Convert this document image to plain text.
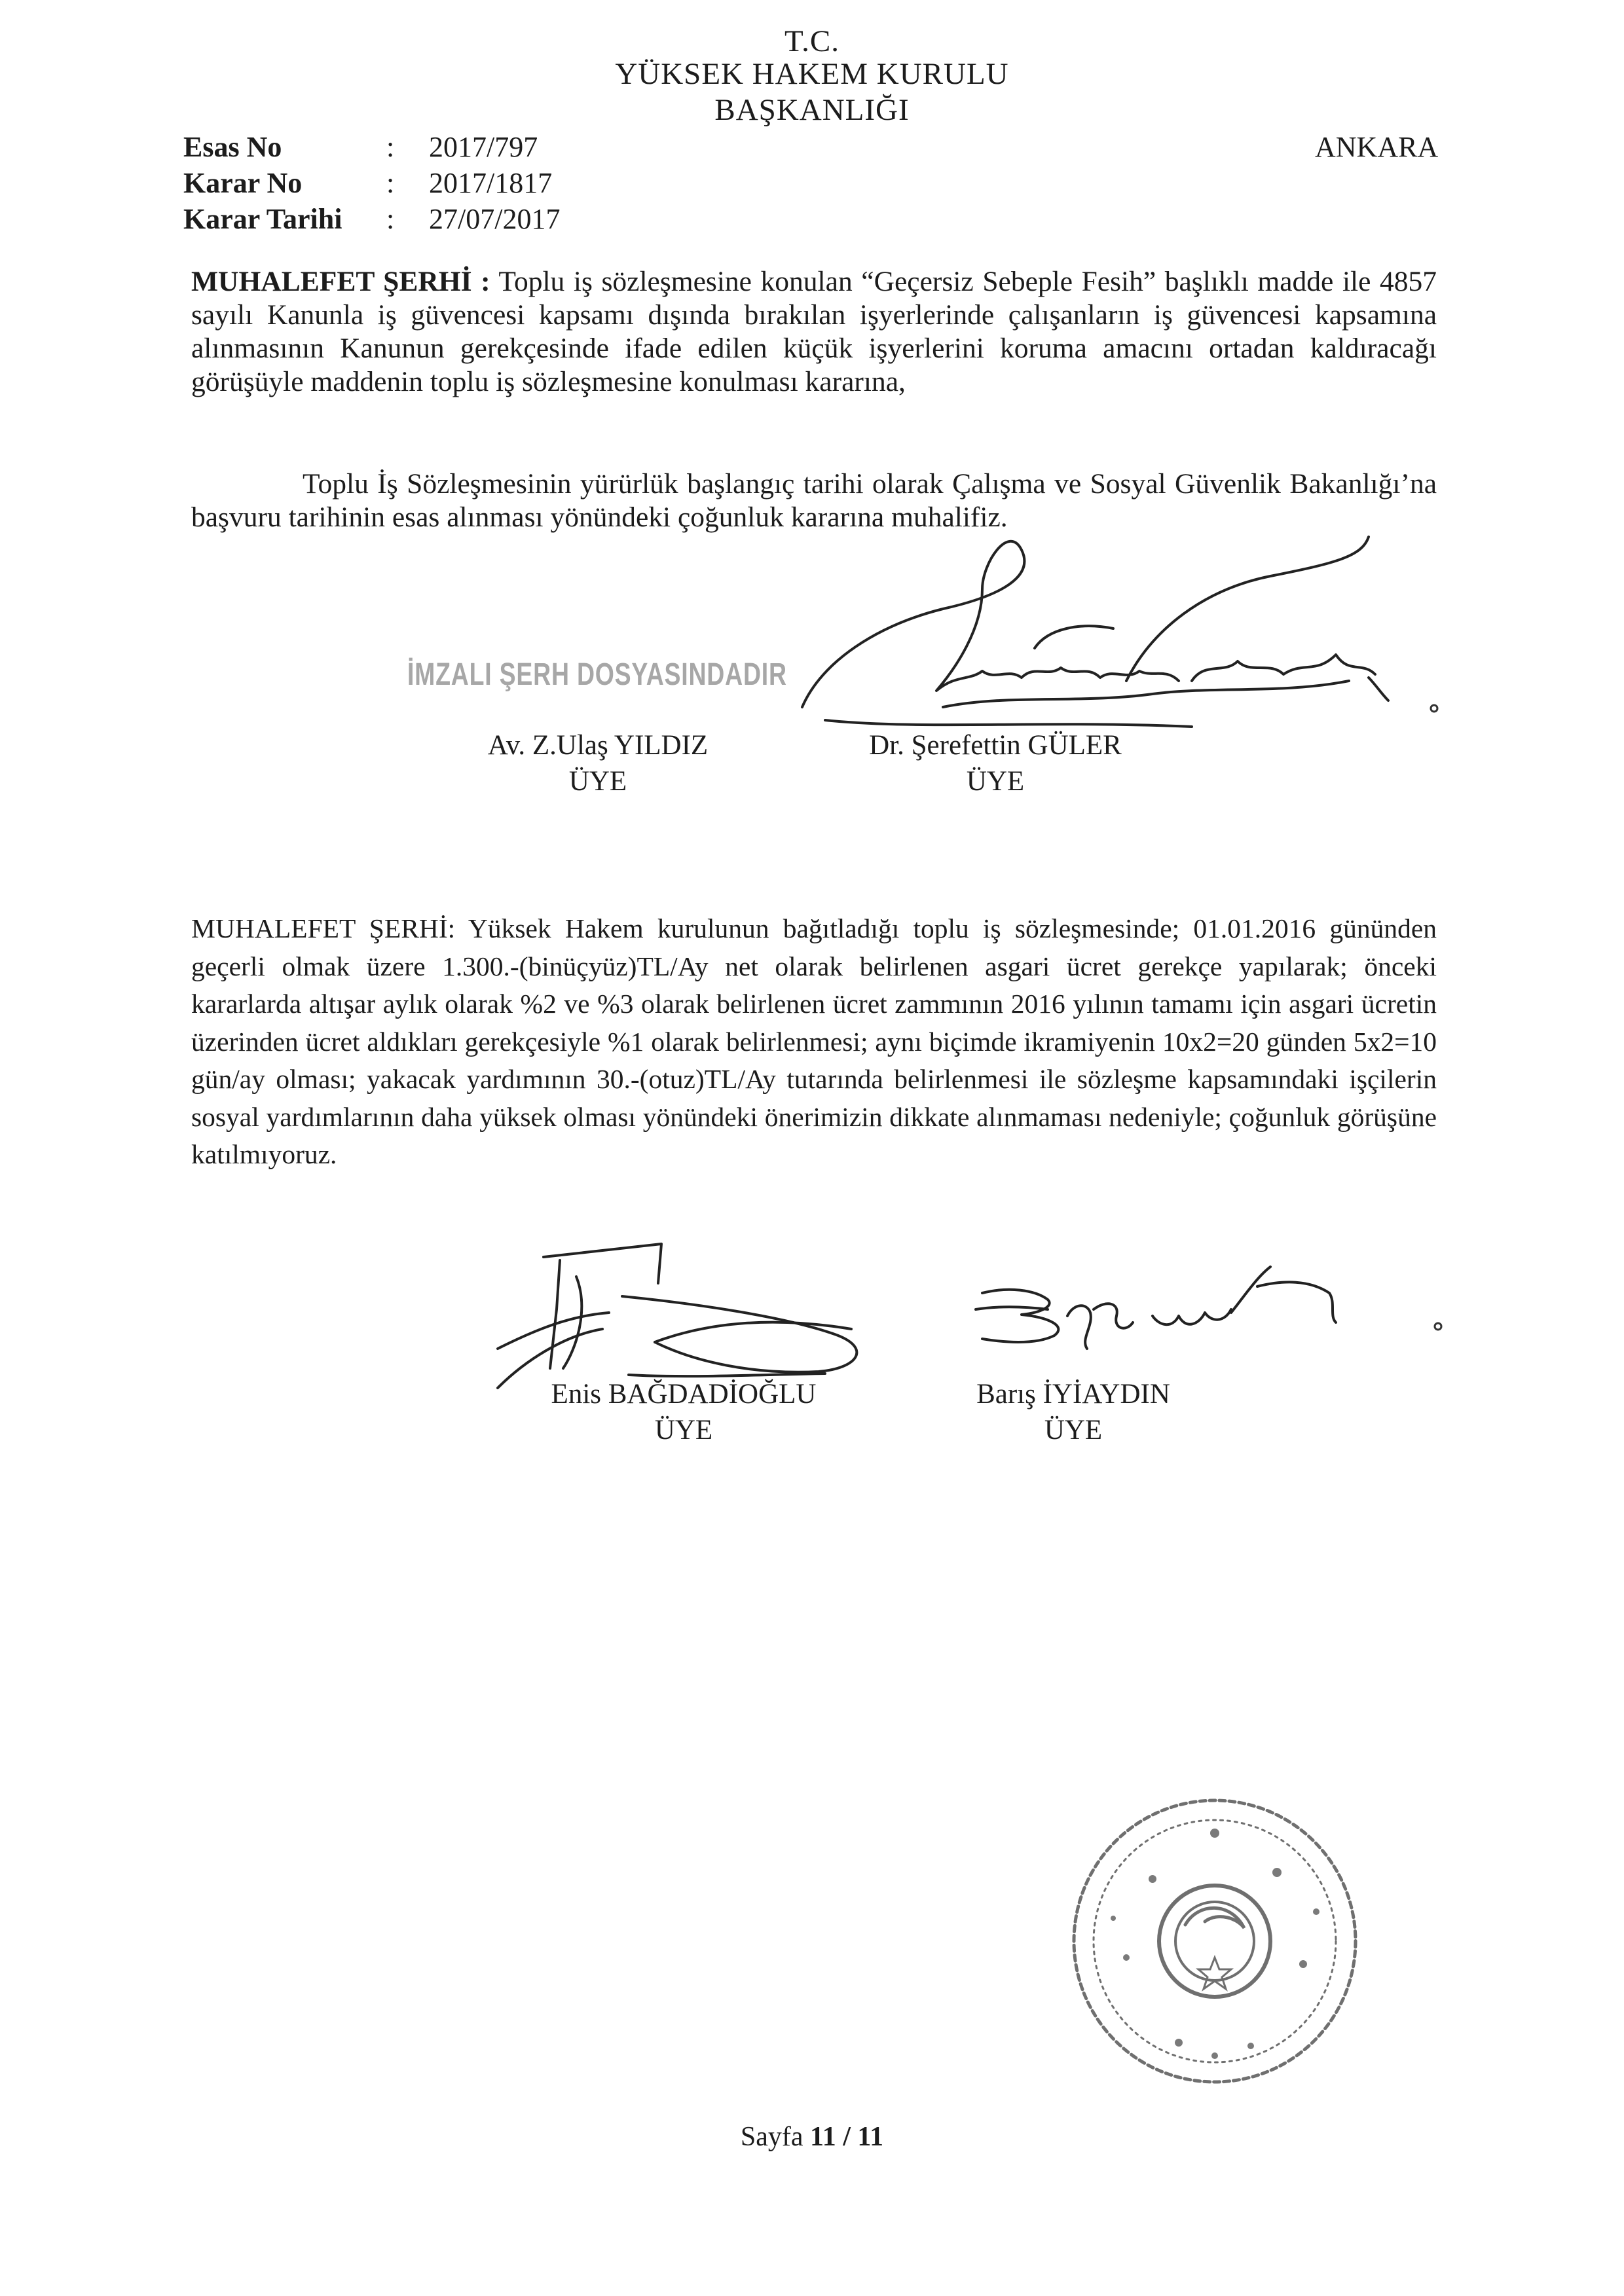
T.C.
YÜKSEK HAKEM KURULU
BAŞKANLIĞI
Esas No	: 2017/797
Karar No	: 2017/1817
Karar Tarihi : 27/07/2017
ANKARA
MUHALEFET ŞERHİ : Toplu iş sözleşmesine konulan “Geçersiz Sebeple Fesih” başlıklı madde ile 4857 sayılı Kanunla iş güvencesi kapsamı dışında bırakılan işyerlerinde çalışanların iş güvencesi kapsamına alınmasının Kanunun gerekçesinde ifade edilen küçük işyerlerini koruma amacını ortadan kaldıracağı görüşüyle maddenin toplu iş sözleşmesine konulması kararına,
Toplu İş Sözleşmesinin yürürlük başlangıç tarihi olarak Çalışma ve Sosyal Güvenlik Bakanlığı’na başvuru tarihinin esas alınması yönündeki çoğunluk kararına muhalifiz.
İMZALI ŞERH DOSYASINDADIR
Av. Z.Ulaş YILDIZ
ÜYE
Dr. Şerefettin GÜLER
ÜYE
MUHALEFET ŞERHİ: Yüksek Hakem kurulunun bağıtladığı toplu iş sözleşmesinde; 01.01.2016 gününden geçerli olmak üzere 1.300.-(binüçyüz)TL/Ay net olarak belirlenen asgari ücret gerekçe yapılarak; önceki kararlarda altışar aylık olarak %2 ve %3 olarak belirlenen ücret zammının 2016 yılının tamamı için asgari ücretin üzerinden ücret aldıkları gerekçesiyle %1 olarak belirlenmesi; aynı biçimde ikramiyenin 10x2=20 günden 5x2=10 gün/ay olması; yakacak yardımının 30.-(otuz)TL/Ay tutarında belirlenmesi ile sözleşme kapsamındaki işçilerin sosyal yardımlarının daha yüksek olması yönündeki önerimizin dikkate alınmaması nedeniyle; çoğunluk görüşüne katılmıyoruz.
Enis BAĞDADİOĞLU
ÜYE
Barış İYİAYDIN
ÜYE
Sayfa 11 / 11
